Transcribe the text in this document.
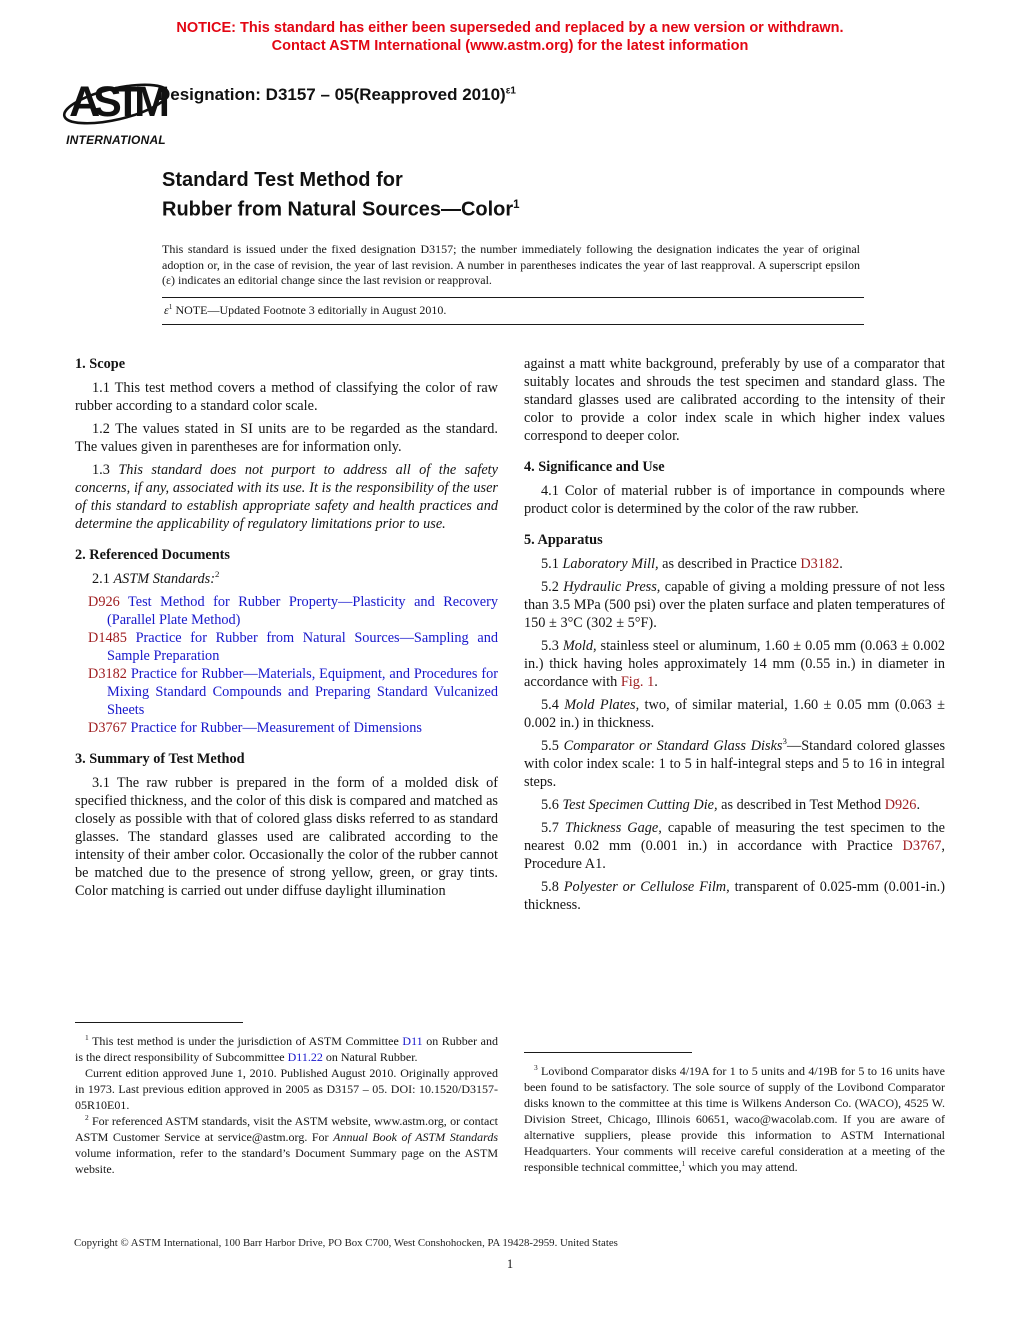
NOTICE: This standard has either been superseded and replaced by a new version or withdrawn.
Contact ASTM International (www.astm.org) for the latest information
ASTM
INTERNATIONAL
Designation: D3157 – 05(Reapproved 2010)$^{\varepsilon 1}$
Standard Test Method for
Rubber from Natural Sources—Color$^1$
This standard is issued under the fixed designation D3157; the number immediately following the designation indicates the year of original adoption or, in the case of revision, the year of last revision. A number in parentheses indicates the year of last reapproval. A superscript epsilon (ε) indicates an editorial change since the last revision or reapproval.
$\varepsilon^1$ NOTE—Updated Footnote 3 editorially in August 2010.
1. Scope

1.1 This test method covers a method of classifying the color of raw rubber according to a standard color scale.

1.2 The values stated in SI units are to be regarded as the standard. The values given in parentheses are for information only.

1.3 This standard does not purport to address all of the safety concerns, if any, associated with its use. It is the responsibility of the user of this standard to establish appropriate safety and health practices and determine the applicability of regulatory limitations prior to use.

2. Referenced Documents

2.1 ASTM Standards:$^2$

D926 Test Method for Rubber Property—Plasticity and Recovery (Parallel Plate Method)

D1485 Practice for Rubber from Natural Sources—Sampling and Sample Preparation

D3182 Practice for Rubber—Materials, Equipment, and Procedures for Mixing Standard Compounds and Preparing Standard Vulcanized Sheets

D3767 Practice for Rubber—Measurement of Dimensions

3. Summary of Test Method

3.1 The raw rubber is prepared in the form of a molded disk of specified thickness, and the color of this disk is compared and matched as closely as possible with that of colored glass disks referred to as standard glasses. The standard glasses used are calibrated according to the intensity of their amber color. Occasionally the color of the rubber cannot be matched due to the presence of strong yellow, green, or gray tints. Color matching is carried out under diffuse daylight illumination

against a matt white background, preferably by use of a comparator that suitably locates and shrouds the test specimen and standard glass. The standard glasses used are calibrated according to the intensity of their color to provide a color index scale in which higher index values correspond to deeper color.

4. Significance and Use

4.1 Color of material rubber is of importance in compounds where product color is determined by the color of the raw rubber.

5. Apparatus

5.1 Laboratory Mill, as described in Practice D3182.

5.2 Hydraulic Press, capable of giving a molding pressure of not less than 3.5 MPa (500 psi) over the platen surface and platen temperatures of 150 ± 3°C (302 ± 5°F).

5.3 Mold, stainless steel or aluminum, 1.60 ± 0.05 mm (0.063 ± 0.002 in.) thick having holes approximately 14 mm (0.55 in.) in diameter in accordance with Fig. 1.

5.4 Mold Plates, two, of similar material, 1.60 ± 0.05 mm (0.063 ± 0.002 in.) in thickness.

5.5 Comparator or Standard Glass Disks$^3$—Standard colored glasses with color index scale: 1 to 5 in half-integral steps and 5 to 16 in integral steps.

5.6 Test Specimen Cutting Die, as described in Test Method D926.

5.7 Thickness Gage, capable of measuring the test specimen to the nearest 0.02 mm (0.001 in.) in accordance with Practice D3767, Procedure A1.

5.8 Polyester or Cellulose Film, transparent of 0.025-mm (0.001-in.) thickness.

$^1$ This test method is under the jurisdiction of ASTM Committee D11 on Rubber and is the direct responsibility of Subcommittee D11.22 on Natural Rubber.

Current edition approved June 1, 2010. Published August 2010. Originally approved in 1973. Last previous edition approved in 2005 as D3157 – 05. DOI: 10.1520/D3157-05R10E01.

$^2$ For referenced ASTM standards, visit the ASTM website, www.astm.org, or contact ASTM Customer Service at service@astm.org. For Annual Book of ASTM Standards volume information, refer to the standard’s Document Summary page on the ASTM website.

$^3$ Lovibond Comparator disks 4/19A for 1 to 5 units and 4/19B for 5 to 16 units have been found to be satisfactory. The sole source of supply of the Lovibond Comparator disks known to the committee at this time is Wilkens Anderson Co. (WACO), 4525 W. Division Street, Chicago, Illinois 60651, waco@wacolab.com. If you are aware of alternative suppliers, please provide this information to ASTM International Headquarters. Your comments will receive careful consideration at a meeting of the responsible technical committee,$^1$ which you may attend.

Copyright © ASTM International, 100 Barr Harbor Drive, PO Box C700, West Conshohocken, PA 19428-2959. United States
1
